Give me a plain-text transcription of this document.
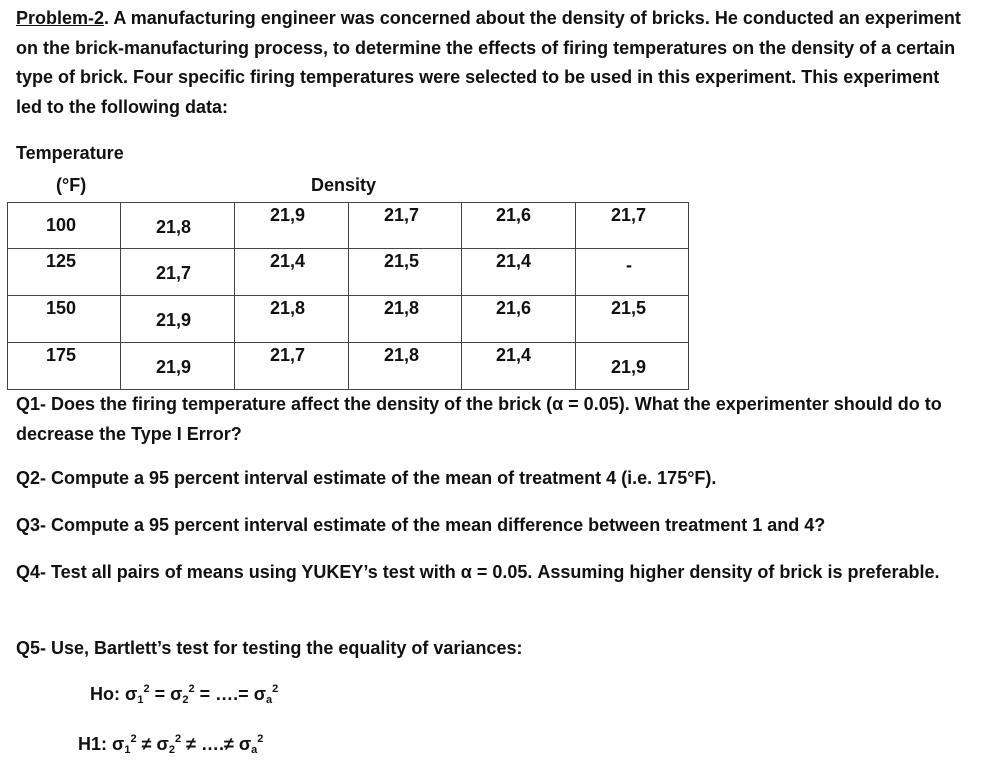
Problem-2. A manufacturing engineer was concerned about the density of bricks. He conducted an experiment on the brick-manufacturing process, to determine the effects of firing temperatures on the density of a certain type of brick. Four specific firing temperatures were selected to be used in this experiment. This experiment led to the following data:
Temperature
(°F)	Density
100	21,8	21,9	21,7	21,6	21,7

125	21,7	21,4	21,5	21,4	-

150	21,9	21,8	21,8	21,6	21,5

175	21,9	21,7	21,8	21,4	21,9
Q1- Does the firing temperature affect the density of the brick (α = 0.05). What the experimenter should do to decrease the Type I Error?
Q2- Compute a 95 percent interval estimate of the mean of treatment 4 (i.e. 175°F).
Q3- Compute a 95 percent interval estimate of the mean difference between treatment 1 and 4?
Q4- Test all pairs of means using YUKEY’s test with α = 0.05. Assuming higher density of brick is preferable.
Q5- Use, Bartlett’s test for testing the equality of variances:
Ho: $\sigma_1^2 = \sigma_2^2$ = ….= $\sigma_a^2$
H1: $\sigma_1^2 \ne \sigma_2^2$ ≠ ….≠ $\sigma_a^2$
